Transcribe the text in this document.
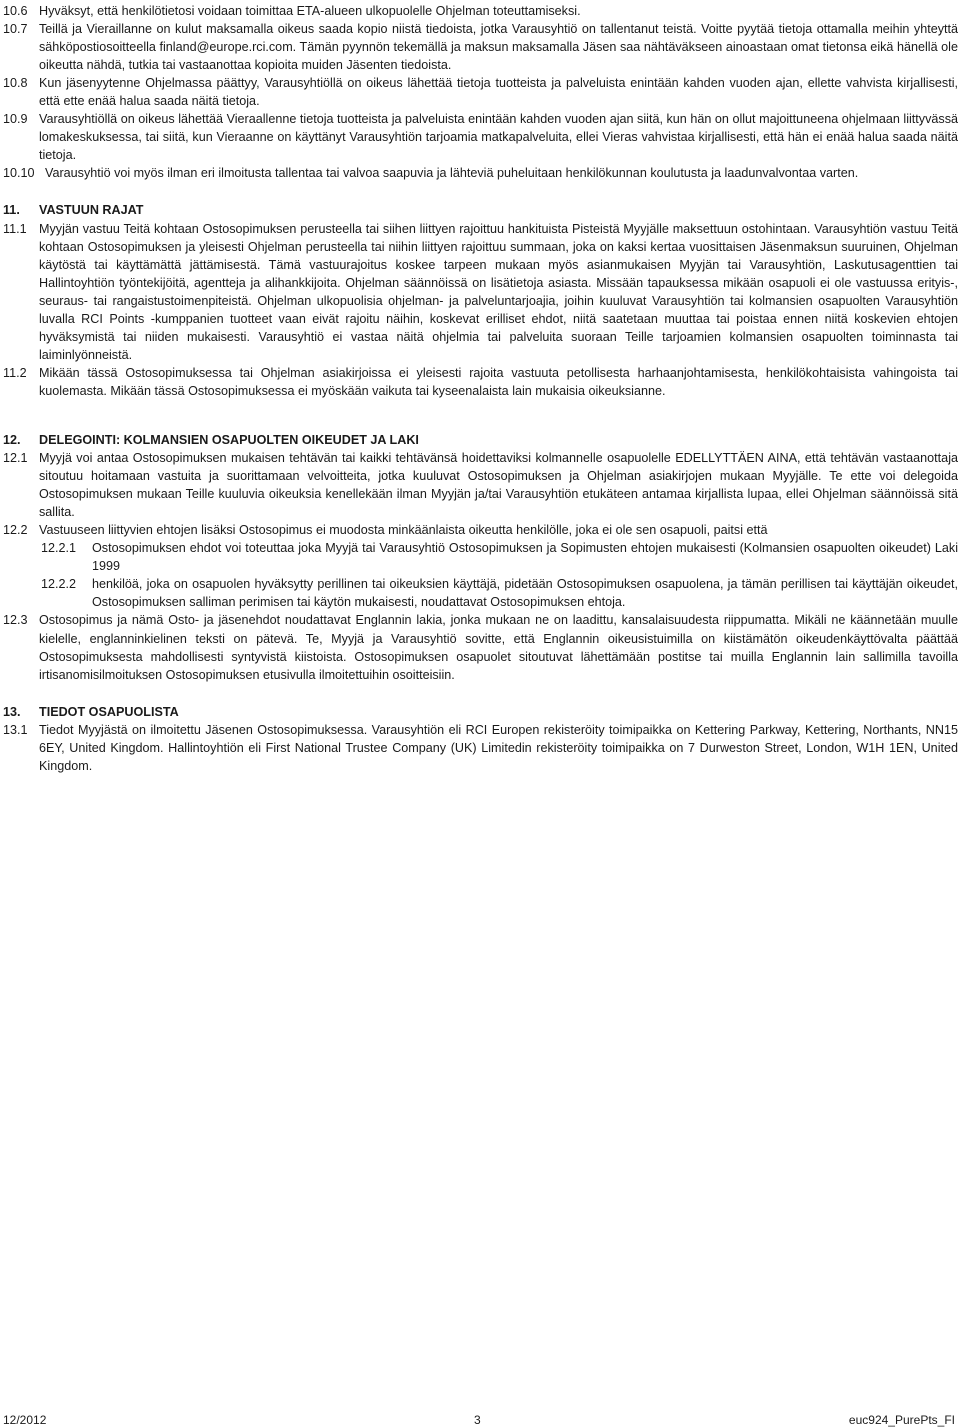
10.6 Hyväksyt, että henkilötietosi voidaan toimittaa ETA-alueen ulkopuolelle Ohjelman toteuttamiseksi.
10.7 Teillä ja Vieraillanne on kulut maksamalla oikeus saada kopio niistä tiedoista, jotka Varausyhtiö on tallentanut teistä. Voitte pyytää tietoja ottamalla meihin yhteyttä sähköpostiosoitteella finland@europe.rci.com. Tämän pyynnön tekemällä ja maksun maksamalla Jäsen saa nähtäväkseen ainoastaan omat tietonsa eikä hänellä ole oikeutta nähdä, tutkia tai vastaanottaa kopioita muiden Jäsenten tiedoista.
10.8 Kun jäsenyytenne Ohjelmassa päättyy, Varausyhtiöllä on oikeus lähettää tietoja tuotteista ja palveluista enintään kahden vuoden ajan, ellette vahvista kirjallisesti, että ette enää halua saada näitä tietoja.
10.9 Varausyhtiöllä on oikeus lähettää Vieraallenne tietoja tuotteista ja palveluista enintään kahden vuoden ajan siitä, kun hän on ollut majoittuneena ohjelmaan liittyvässä lomakeskuksessa, tai siitä, kun Vieraanne on käyttänyt Varausyhtiön tarjoamia matkapalveluita, ellei Vieras vahvistaa kirjallisesti, että hän ei enää halua saada näitä tietoja.
10.10 Varausyhtiö voi myös ilman eri ilmoitusta tallentaa tai valvoa saapuvia ja lähteviä puheluitaan henkilökunnan koulutusta ja laadunvalvontaa varten.
11.	VASTUUN RAJAT
11.1 Myyjän vastuu Teitä kohtaan Ostosopimuksen perusteella tai siihen liittyen rajoittuu hankituista Pisteistä Myyjälle maksettuun ostohintaan. Varausyhtiön vastuu Teitä kohtaan Ostosopimuksen ja yleisesti Ohjelman perusteella tai niihin liittyen rajoittuu summaan, joka on kaksi kertaa vuosittaisen Jäsenmaksun suuruinen, Ohjelman käytöstä tai käyttämättä jättämisestä. Tämä vastuurajoitus koskee tarpeen mukaan myös asianmukaisen Myyjän tai Varausyhtiön, Laskutusagenttien tai Hallintoyhtiön työntekijöitä, agentteja ja alihankkijoita. Ohjelman säännöissä on lisätietoja asiasta. Missään tapauksessa mikään osapuoli ei ole vastuussa erityis-, seuraus- tai rangaistustoimenpiteistä. Ohjelman ulkopuolisia ohjelman- ja palveluntarjoajia, joihin kuuluvat Varausyhtiön tai kolmansien osapuolten Varausyhtiön luvalla RCI Points -kumppanien tuotteet vaan eivät rajoitu näihin, koskevat erilliset ehdot, niitä saatetaan muuttaa tai poistaa ennen niitä koskevien ehtojen hyväksymistä tai niiden mukaisesti. Varausyhtiö ei vastaa näitä ohjelmia tai palveluita suoraan Teille tarjoamien kolmansien osapuolten toiminnasta tai laiminlyönneistä.
11.2 Mikään tässä Ostosopimuksessa tai Ohjelman asiakirjoissa ei yleisesti rajoita vastuuta petollisesta harhaanjohtamisesta, henkilökohtaisista vahingoista tai kuolemasta. Mikään tässä Ostosopimuksessa ei myöskään vaikuta tai kyseenalaista lain mukaisia oikeuksianne.
12.	DELEGOINTI: KOLMANSIEN OSAPUOLTEN OIKEUDET JA LAKI
12.1 Myyjä voi antaa Ostosopimuksen mukaisen tehtävän tai kaikki tehtävänsä hoidettaviksi kolmannelle osapuolelle EDELLYTTÄEN AINA, että tehtävän vastaanottaja sitoutuu hoitamaan vastuita ja suorittamaan velvoitteita, jotka kuuluvat Ostosopimuksen ja Ohjelman asiakirjojen mukaan Myyjälle. Te ette voi delegoida Ostosopimuksen mukaan Teille kuuluvia oikeuksia kenellekään ilman Myyjän ja/tai Varausyhtiön etukäteen antamaa kirjallista lupaa, ellei Ohjelman säännöissä sitä sallita.
12.2 Vastuuseen liittyvien ehtojen lisäksi Ostosopimus ei muodosta minkäänlaista oikeutta henkilölle, joka ei ole sen osapuoli, paitsi että
12.2.1	Ostosopimuksen ehdot voi toteuttaa joka Myyjä tai Varausyhtiö Ostosopimuksen ja Sopimusten ehtojen mukaisesti (Kolmansien osapuolten oikeudet) Laki 1999
12.2.2	henkilöä, joka on osapuolen hyväksytty perillinen tai oikeuksien käyttäjä, pidetään Ostosopimuksen osapuolena, ja tämän perillisen tai käyttäjän oikeudet, Ostosopimuksen salliman perimisen tai käytön mukaisesti, noudattavat Ostosopimuksen ehtoja.
12.3 Ostosopimus ja nämä Osto- ja jäsenehdot noudattavat Englannin lakia, jonka mukaan ne on laadittu, kansalaisuudesta riippumatta. Mikäli ne käännetään muulle kielelle, englanninkielinen teksti on pätevä. Te, Myyjä ja Varausyhtiö sovitte, että Englannin oikeusistuimilla on kiistämätön oikeudenkäyttövalta päättää Ostosopimuksesta mahdollisesti syntyvistä kiistoista. Ostosopimuksen osapuolet sitoutuvat lähettämään postitse tai muilla Englannin lain sallimilla tavoilla irtisanomisilmoituksen Ostosopimuksen etusivulla ilmoitettuihin osoitteisiin.
13.	TIEDOT OSAPUOLISTA
13.1 Tiedot Myyjästä on ilmoitettu Jäsenen Ostosopimuksessa. Varausyhtiön eli RCI Europen rekisteröity toimipaikka on Kettering Parkway, Kettering, Northants, NN15 6EY, United Kingdom. Hallintoyhtiön eli First National Trustee Company (UK) Limitedin rekisteröity toimipaikka on 7 Durweston Street, London, W1H 1EN, United Kingdom.
12/2012	3	euc924_PurePts_FI
